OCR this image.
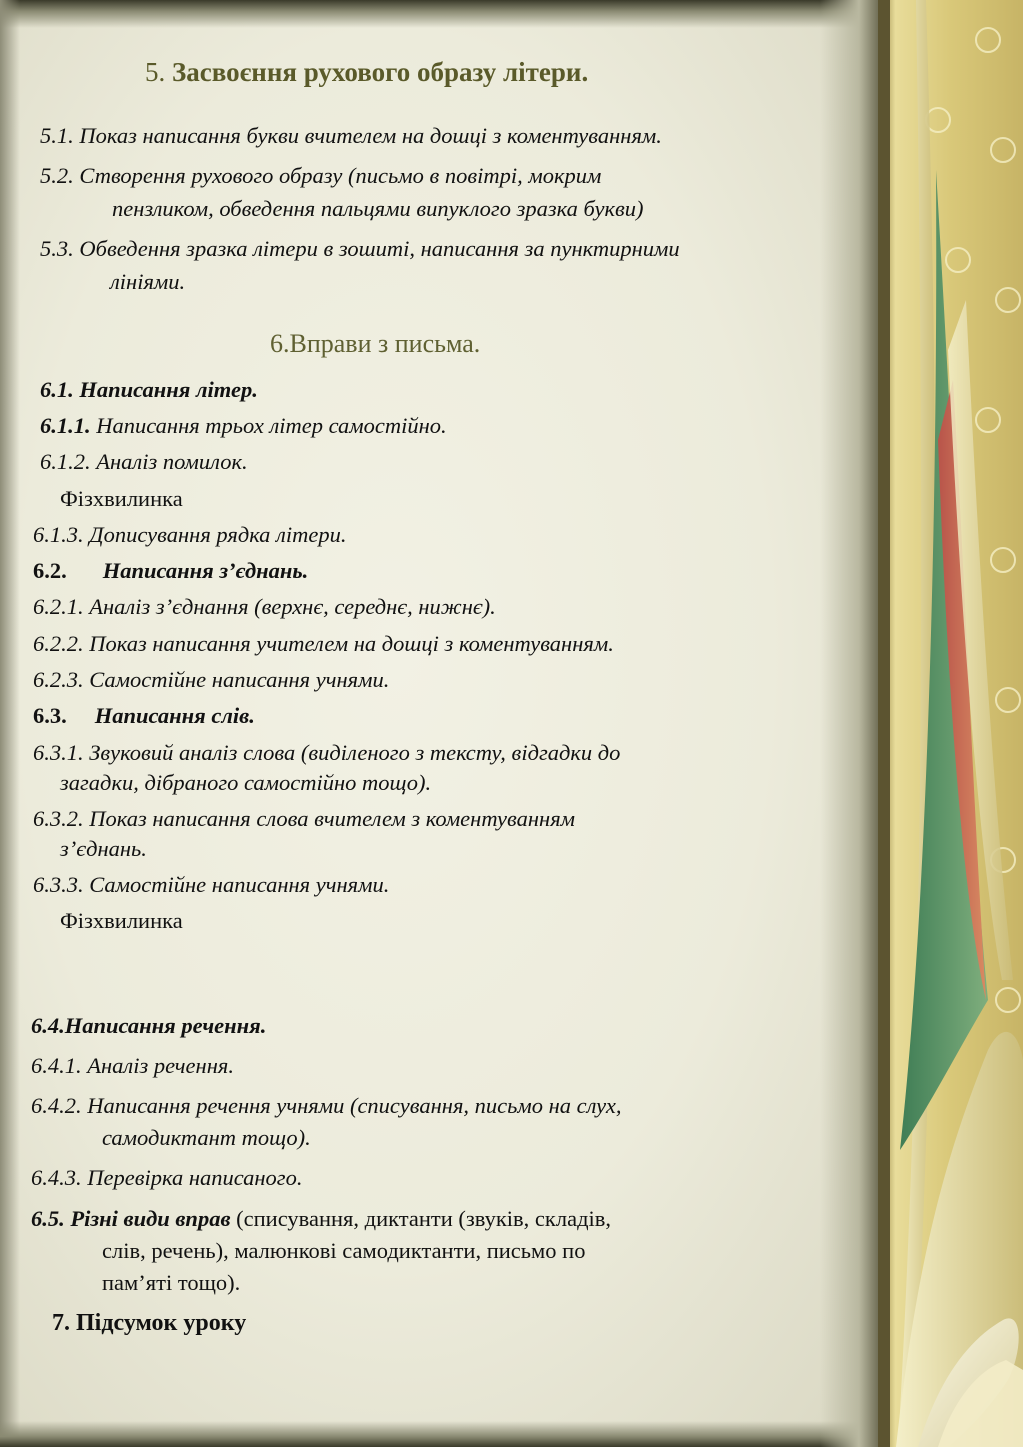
5. Засвоєння рухового образу літери.

5.1. Показ написання букви вчителем на дошці з коментуванням.

5.2. Створення рухового образу (письмо в повітрі, мокрим

пензликом, обведення пальцями випуклого зразка букви)

5.3. Обведення зразка літери в зошиті, написання за пунктирними

лініями.

6.Вправи з письма.

6.1. Написання літер.

6.1.1. Написання трьох літер самостійно.

6.1.2. Аналіз помилок.

Фізхвилинка

6.1.3. Дописування рядка літери.

6.2. Написання з’єднань.

6.2.1. Аналіз з’єднання (верхнє, середнє, нижнє).

6.2.2. Показ написання учителем на дошці з коментуванням.

6.2.3. Самостійне написання учнями.

6.3. Написання слів.

6.3.1. Звуковий аналіз слова (виділеного з тексту, відгадки до

загадки, дібраного самостійно тощо).

6.3.2. Показ написання слова вчителем з коментуванням

з’єднань.

6.3.3. Самостійне написання учнями.

Фізхвилинка

6.4.Написання речення.

6.4.1. Аналіз речення.

6.4.2. Написання речення учнями (списування, письмо на слух,

самодиктант тощо).

6.4.3. Перевірка написаного.

6.5. Різні види вправ (списування, диктанти (звуків, складів,

слів, речень), малюнкові самодиктанти, письмо по

пам’яті тощо).

7. Підсумок уроку
